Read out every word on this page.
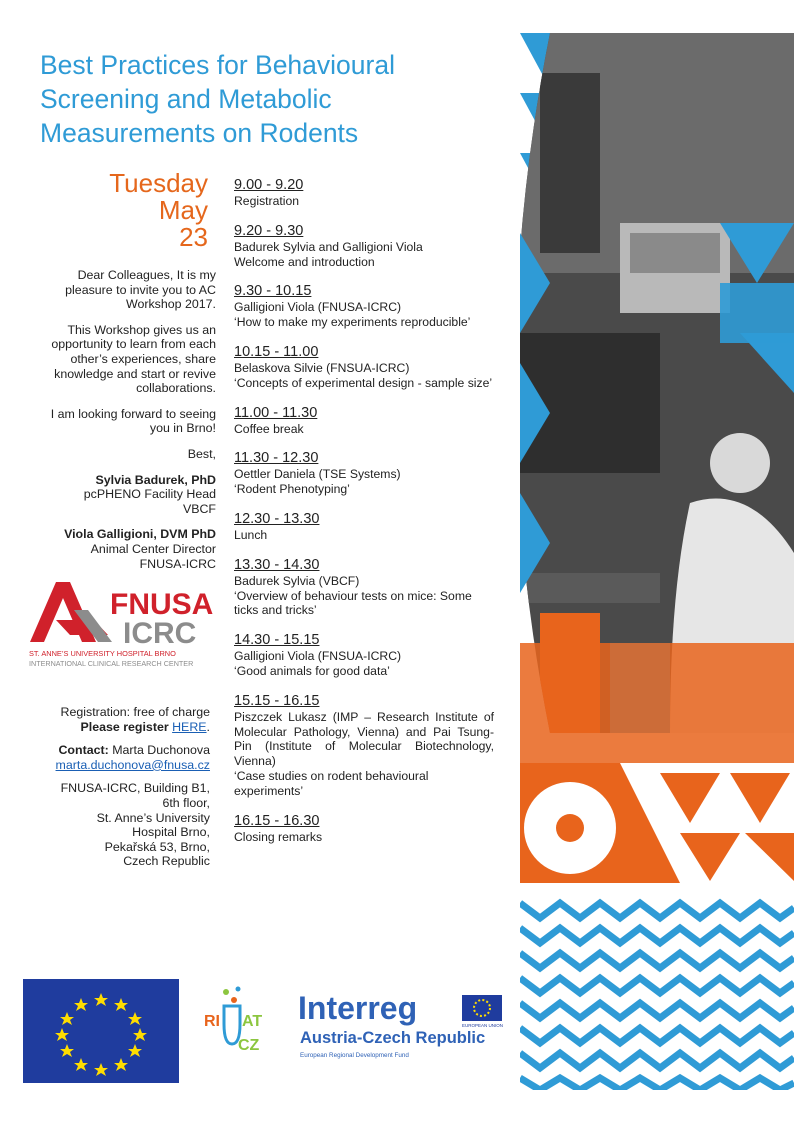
Best Practices for Behavioural Screening and Metabolic Measurements on Rodents
Tuesday
May
23

Dear Colleagues, It is my pleasure to invite you to AC Workshop 2017.

This Workshop gives us an opportunity to learn from each other’s experiences, share knowledge and start or revive collaborations.

I am looking forward to seeing you in Brno!

Best,

Sylvia Badurek, PhD
pcPHENO Facility Head
VBCF

Viola Galligioni, DVM PhD
Animal Center Director
FNUSA-ICRC

FNUSA
ICRC
ST. ANNE’S UNIVERSITY HOSPITAL BRNO
INTERNATIONAL CLINICAL RESEARCH CENTER

Registration: free of charge
Please register HERE.

Contact: Marta Duchonova
marta.duchonova@fnusa.cz

FNUSA-ICRC, Building B1,
6th floor,
St. Anne’s University
Hospital Brno,
Pekařská 53, Brno,
Czech Republic

9.00 - 9.20
Registration
9.20 - 9.30
Badurek Sylvia and Galligioni Viola
Welcome and introduction
9.30 - 10.15
Galligioni Viola (FNUSA-ICRC)
‘How to make my experiments reproducible’
10.15 - 11.00
Belaskova Silvie (FNSUA-ICRC)
‘Concepts of experimental design - sample size’
11.00 - 11.30
Coffee break
11.30 - 12.30
Oettler Daniela (TSE Systems)
‘Rodent Phenotyping’
12.30 - 13.30
Lunch
13.30 - 14.30
Badurek Sylvia (VBCF)
‘Overview of behaviour tests on mice: Some ticks and tricks’
14.30 - 15.15
Galligioni Viola (FNSUA-ICRC)
‘Good animals for good data’
15.15 - 16.15
Piszczek Lukasz (IMP – Research Institute of Molecular Pathology, Vienna) and Pai Tsung-Pin (Institute of Molecular Biotechnology, Vienna)
‘Case studies on rodent behavioural experiments’
16.15 - 16.30
Closing remarks
RI AT
CZ
Interreg	EUROPEAN UNION
Austria-Czech Republic
European Regional Development Fund
